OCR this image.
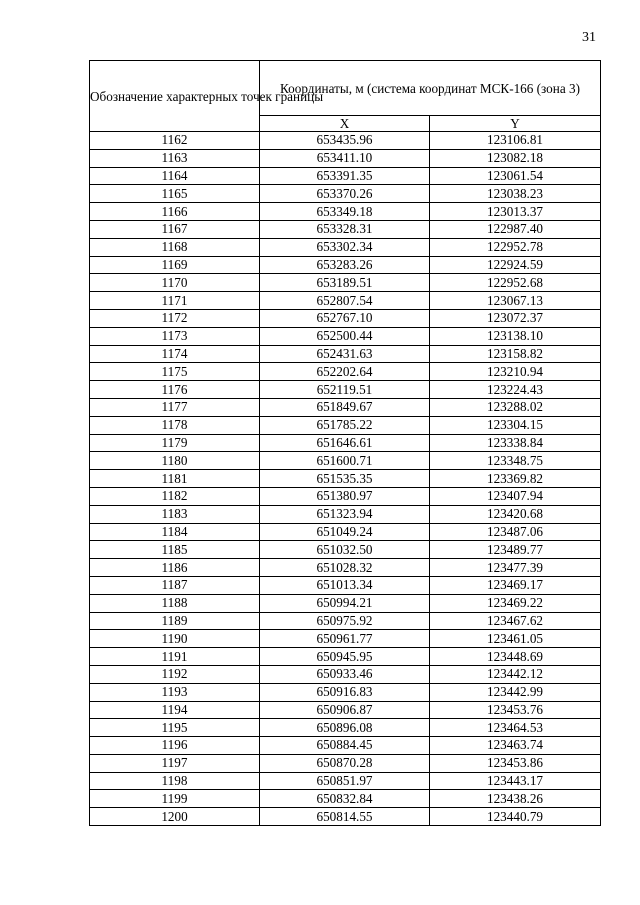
31
Обозначение характерных точек границы	Координаты, м (система координат МСК-166 (зона 3)	
	X	Y
1162	653435.96	123106.81
1163	653411.10	123082.18
1164	653391.35	123061.54
1165	653370.26	123038.23
1166	653349.18	123013.37
1167	653328.31	122987.40
1168	653302.34	122952.78
1169	653283.26	122924.59
1170	653189.51	122952.68
1171	652807.54	123067.13
1172	652767.10	123072.37
1173	652500.44	123138.10
1174	652431.63	123158.82
1175	652202.64	123210.94
1176	652119.51	123224.43
1177	651849.67	123288.02
1178	651785.22	123304.15
1179	651646.61	123338.84
1180	651600.71	123348.75
1181	651535.35	123369.82
1182	651380.97	123407.94
1183	651323.94	123420.68
1184	651049.24	123487.06
1185	651032.50	123489.77
1186	651028.32	123477.39
1187	651013.34	123469.17
1188	650994.21	123469.22
1189	650975.92	123467.62
1190	650961.77	123461.05
1191	650945.95	123448.69
1192	650933.46	123442.12
1193	650916.83	123442.99
1194	650906.87	123453.76
1195	650896.08	123464.53
1196	650884.45	123463.74
1197	650870.28	123453.86
1198	650851.97	123443.17
1199	650832.84	123438.26
1200	650814.55	123440.79
